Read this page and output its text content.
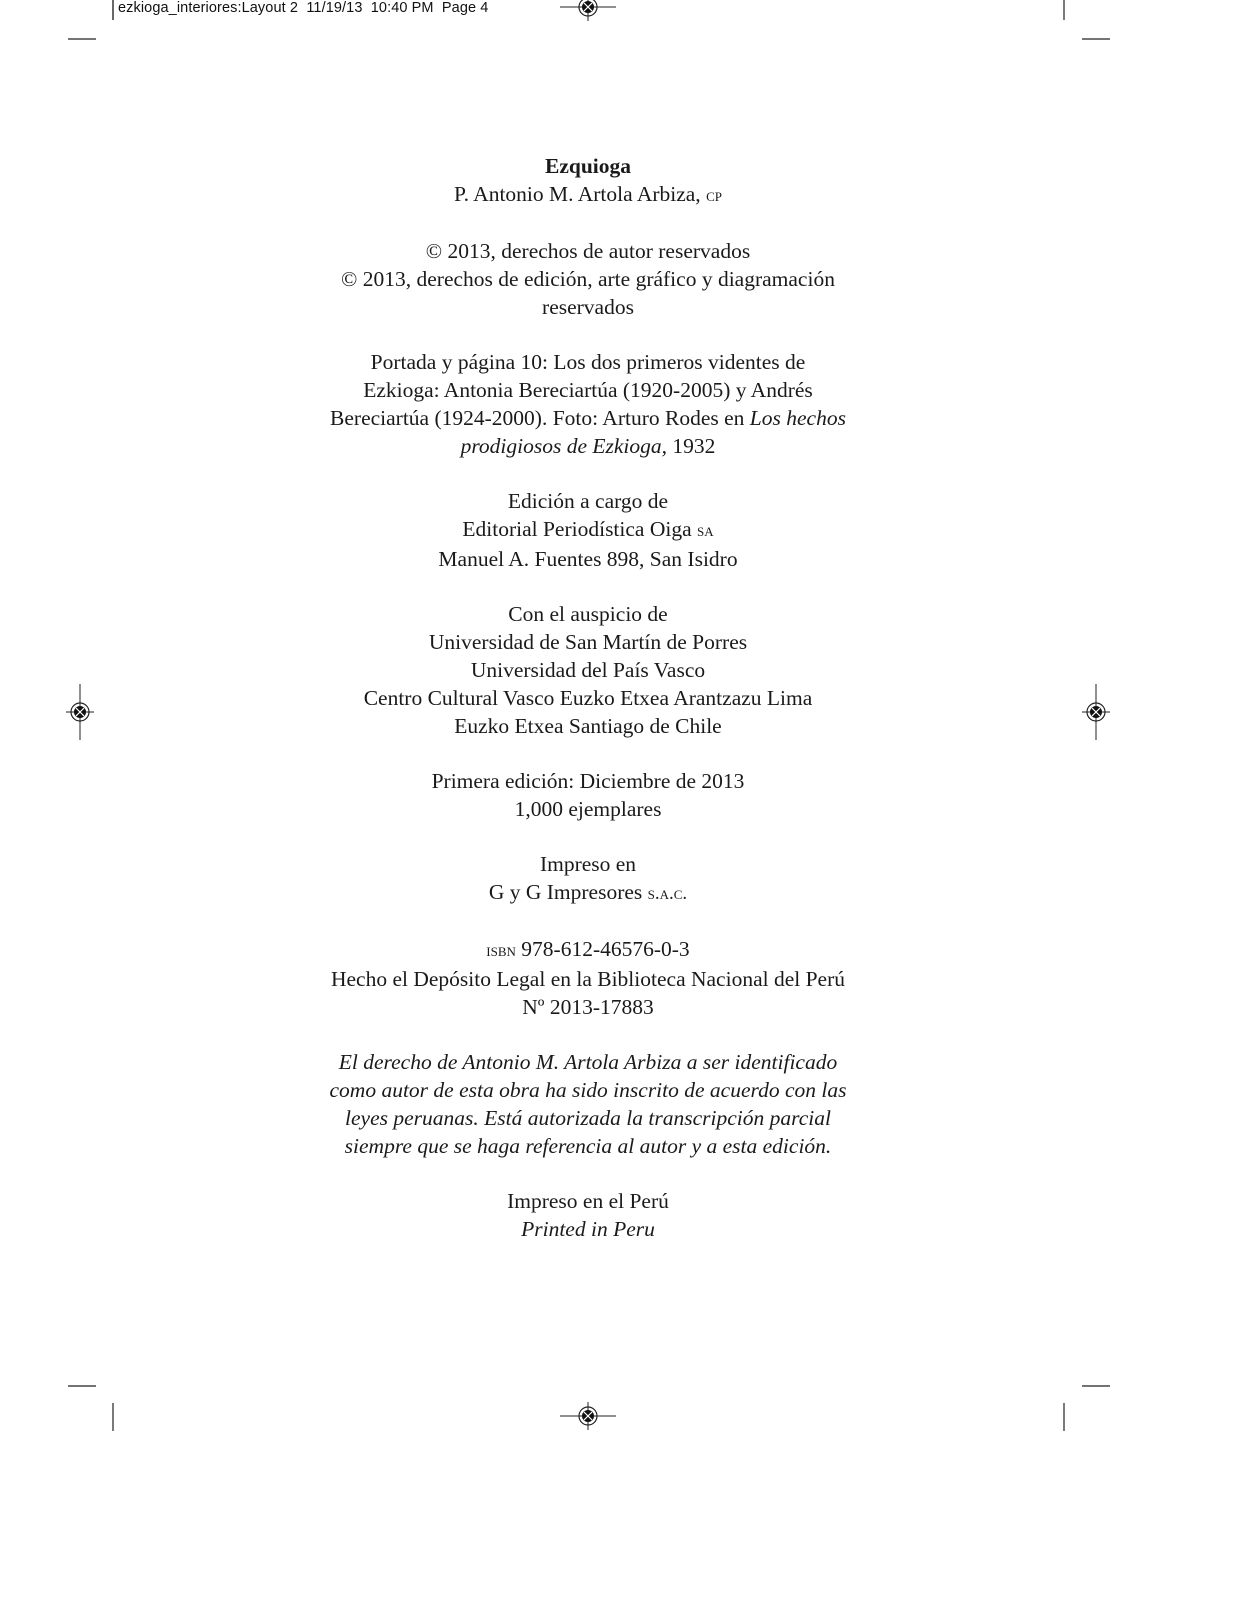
ezkioga_interiores:Layout 2 11/19/13 10:40 PM Page 4

Ezquioga

P. Antonio M. Artola Arbiza, cp

© 2013, derechos de autor reservados

© 2013, derechos de edición, arte gráfico y diagramación

reservados

Portada y página 10: Los dos primeros videntes de

Ezkioga: Antonia Bereciartúa (1920-2005) y Andrés

Bereciartúa (1924-2000). Foto: Arturo Rodes en Los hechos

prodigiosos de Ezkioga, 1932

Edición a cargo de

Editorial Periodística Oiga sa

Manuel A. Fuentes 898, San Isidro

Con el auspicio de

Universidad de San Martín de Porres

Universidad del País Vasco

Centro Cultural Vasco Euzko Etxea Arantzazu Lima

Euzko Etxea Santiago de Chile

Primera edición: Diciembre de 2013

1,000 ejemplares

Impreso en

G y G Impresores s.a.c.

isbn 978-612-46576-0-3

Hecho el Depósito Legal en la Biblioteca Nacional del Perú

Nº 2013-17883

El derecho de Antonio M. Artola Arbiza a ser identificado

como autor de esta obra ha sido inscrito de acuerdo con las

leyes peruanas. Está autorizada la transcripción parcial

siempre que se haga referencia al autor y a esta edición.

Impreso en el Perú

Printed in Peru
